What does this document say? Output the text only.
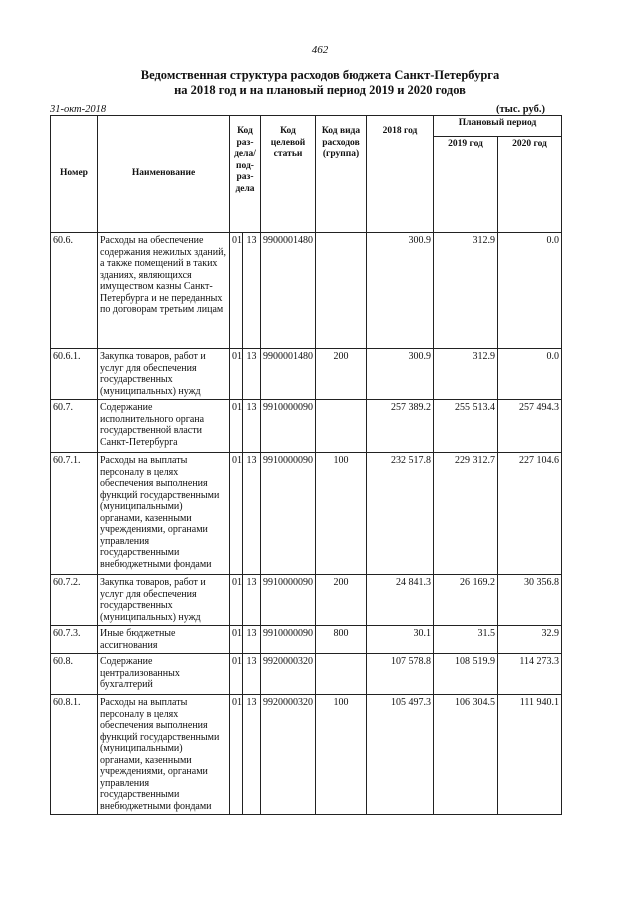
462
Ведомственная структура расходов бюджета Санкт-Петербурга
на 2018 год и на плановый период 2019 и 2020 годов
31-окт-2018	(тыс. руб.)
Номер	Наименование	Код раз-дела/ под-раз-дела		Код целевой статьи	Код вида расходов (группа)	2018 год	Плановый период	
							2019 год	2020 год
60.6.	Расходы на обеспечение содержания нежилых зданий, а также помещений в таких зданиях, являющихся имуществом казны Санкт-Петербурга и не переданных по договорам третьим лицам	01	13	9900001480		300.9	312.9	0.0
60.6.1.	Закупка товаров, работ и услуг для обеспечения государственных (муниципальных) нужд	01	13	9900001480	200	300.9	312.9	0.0
60.7.	Содержание исполнительного органа государственной власти Санкт-Петербурга	01	13	9910000090		257 389.2	255 513.4	257 494.3
60.7.1.	Расходы на выплаты персоналу в целях обеспечения выполнения функций государственными (муниципальными) органами, казенными учреждениями, органами управления государственными внебюджетными фондами	01	13	9910000090	100	232 517.8	229 312.7	227 104.6
60.7.2.	Закупка товаров, работ и услуг для обеспечения государственных (муниципальных) нужд	01	13	9910000090	200	24 841.3	26 169.2	30 356.8
60.7.3.	Иные бюджетные ассигнования	01	13	9910000090	800	30.1	31.5	32.9
60.8.	Содержание централизованных бухгалтерий	01	13	9920000320		107 578.8	108 519.9	114 273.3
60.8.1.	Расходы на выплаты персоналу в целях обеспечения выполнения функций государственными (муниципальными) органами, казенными учреждениями, органами управления государственными внебюджетными фондами	01	13	9920000320	100	105 497.3	106 304.5	111 940.1
